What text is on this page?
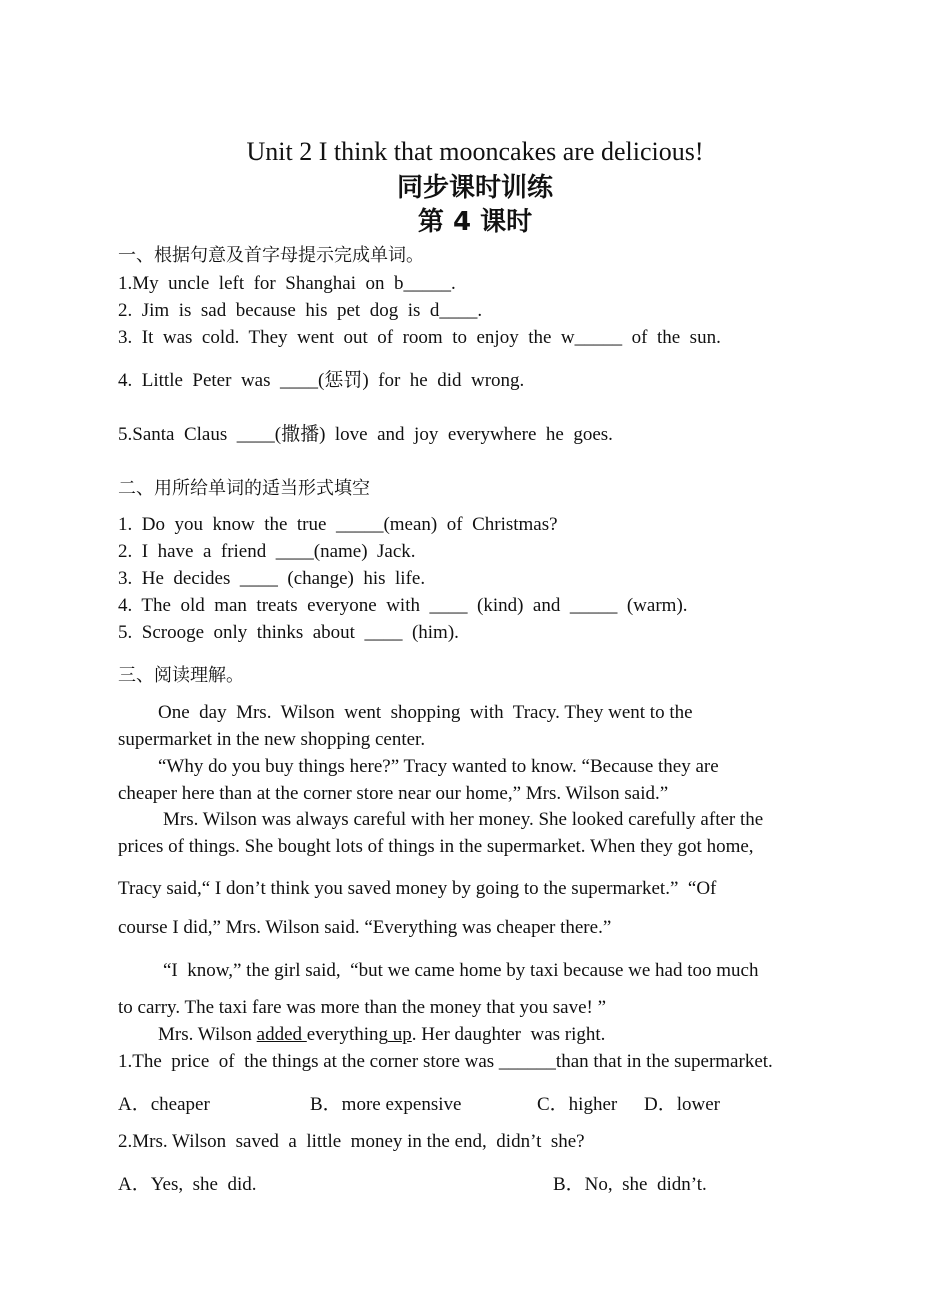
Unit 2 I think that mooncakes are delicious!
同步课时训练
第 4 课时
一、根据句意及首字母提示完成单词。
1.My  uncle  left  for  Shanghai  on  b_____.
2.  Jim  is  sad  because  his  pet  dog  is  d____.
3.  It  was  cold.  They  went  out  of  room  to  enjoy  the  w_____  of  the  sun.
4.  Little  Peter  was  ____(惩罚)  for  he  did  wrong.
5.Santa  Claus  ____(撒播)  love  and  joy  everywhere  he  goes.
二、用所给单词的适当形式填空
1.  Do  you  know  the  true  _____(mean)  of  Christmas?
2.  I  have  a  friend  ____(name)  Jack.
3.  He  decides  ____  (change)  his  life.
4.  The  old  man  treats  everyone  with  ____  (kind)  and  _____  (warm).
5.  Scrooge  only  thinks  about  ____  (him).
三、阅读理解。
One  day  Mrs.  Wilson  went  shopping  with  Tracy. They went to the
supermarket in the new shopping center.
“Why do you buy things here?” Tracy wanted to know. “Because they are
cheaper here than at the corner store near our home,” Mrs. Wilson said.”
Mrs. Wilson was always careful with her money. She looked carefully after the
prices of things. She bought lots of things in the supermarket. When they got home,
Tracy said,“ I don’t think you saved money by going to the supermarket.”  “Of
course I did,” Mrs. Wilson said. “Everything was cheaper there.”
“I  know,” the girl said,  “but we came home by taxi because we had too much
to carry. The taxi fare was more than the money that you save! ”
Mrs. Wilson added everything up. Her daughter  was right.
1.The  price  of  the things at the corner store was ______than that in the supermarket.
A．cheaper	B．more expensive	C．higher D．lower
2.Mrs. Wilson  saved  a  little  money in the end,  didn’t  she?
A．Yes,  she  did.	B．No,  she  didn’t.
